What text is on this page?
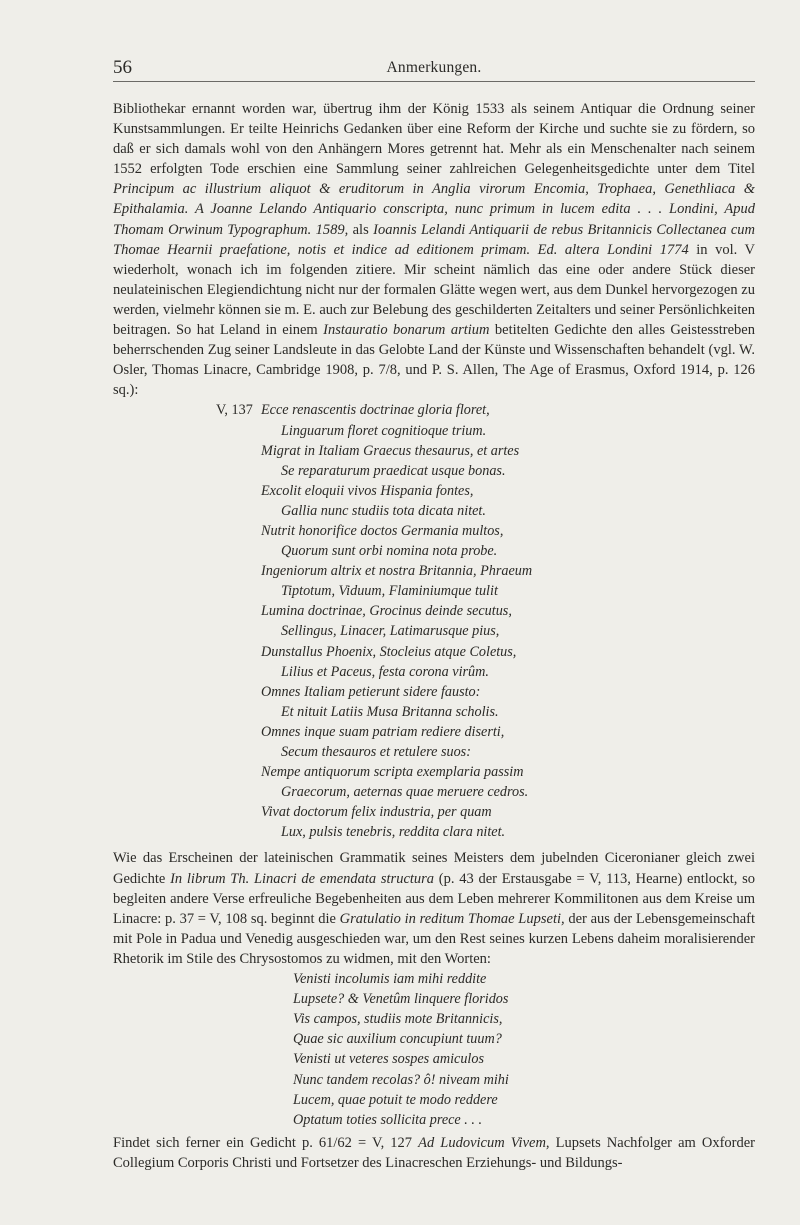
56	Anmerkungen.

Bibliothekar ernannt worden war, übertrug ihm der König 1533 als seinem Antiquar die Ordnung seiner Kunstsammlungen. Er teilte Heinrichs Gedanken über eine Reform der Kirche und suchte sie zu fördern, so daß er sich damals wohl von den Anhängern Mores getrennt hat. Mehr als ein Menschenalter nach seinem 1552 erfolgten Tode erschien eine Sammlung seiner zahlreichen Gelegenheitsgedichte unter dem Titel Principum ac illustrium aliquot & eruditorum in Anglia virorum Encomia, Trophaea, Genethliaca & Epithalamia. A Joanne Lelando Antiquario conscripta, nunc primum in lucem edita . . . Londini, Apud Thomam Orwinum Typographum. 1589, als Ioannis Lelandi Antiquarii de rebus Britannicis Collectanea cum Thomae Hearnii praefatione, notis et indice ad editionem primam. Ed. altera Londini 1774 in vol. V wiederholt, wonach ich im folgenden zitiere. Mir scheint nämlich das eine oder andere Stück dieser neulateinischen Elegiendichtung nicht nur der formalen Glätte wegen wert, aus dem Dunkel hervorgezogen zu werden, vielmehr können sie m. E. auch zur Belebung des geschilderten Zeitalters und seiner Persönlichkeiten beitragen. So hat Leland in einem Instauratio bonarum artium betitelten Gedichte den alles Geistesstreben beherrschenden Zug seiner Landsleute in das Gelobte Land der Künste und Wissenschaften behandelt (vgl. W. Osler, Thomas Linacre, Cambridge 1908, p. 7/8, und P. S. Allen, The Age of Erasmus, Oxford 1914, p. 126 sq.):

V, 137 Ecce renascentis doctrinae gloria floret,
Linguarum floret cognitioque trium.
Migrat in Italiam Graecus thesaurus, et artes
Se reparaturum praedicat usque bonas.
Excolit eloquii vivos Hispania fontes,
Gallia nunc studiis tota dicata nitet.
Nutrit honorifice doctos Germania multos,
Quorum sunt orbi nomina nota probe.
Ingeniorum altrix et nostra Britannia, Phraeum
Tiptotum, Viduum, Flaminiumque tulit
Lumina doctrinae, Grocinus deinde secutus,
Sellingus, Linacer, Latimarusque pius,
Dunstallus Phoenix, Stocleius atque Coletus,
Lilius et Paceus, festa corona virûm.
Omnes Italiam petierunt sidere fausto:
Et nituit Latiis Musa Britanna scholis.
Omnes inque suam patriam rediere diserti,
Secum thesauros et retulere suos:
Nempe antiquorum scripta exemplaria passim
Graecorum, aeternas quae meruere cedros.
Vivat doctorum felix industria, per quam
Lux, pulsis tenebris, reddita clara nitet.

Wie das Erscheinen der lateinischen Grammatik seines Meisters dem jubelnden Ciceronianer gleich zwei Gedichte In librum Th. Linacri de emendata structura (p. 43 der Erstausgabe = V, 113, Hearne) entlockt, so begleiten andere Verse erfreuliche Begebenheiten aus dem Leben mehrerer Kommilitonen aus dem Kreise um Linacre: p. 37 = V, 108 sq. beginnt die Gratulatio in reditum Thomae Lupseti, der aus der Lebensgemeinschaft mit Pole in Padua und Venedig ausgeschieden war, um den Rest seines kurzen Lebens daheim moralisierender Rhetorik im Stile des Chrysostomos zu widmen, mit den Worten:

Venisti incolumis iam mihi reddite
Lupsete? & Venetûm linquere floridos
Vis campos, studiis mote Britannicis,
Quae sic auxilium concupiunt tuum?
Venisti ut veteres sospes amiculos
Nunc tandem recolas? ô! niveam mihi
Lucem, quae potuit te modo reddere
Optatum toties sollicita prece . . .

Findet sich ferner ein Gedicht p. 61/62 = V, 127 Ad Ludovicum Vivem, Lupsets Nachfolger am Oxforder Collegium Corporis Christi und Fortsetzer des Linacreschen Erziehungs- und Bildungs-
